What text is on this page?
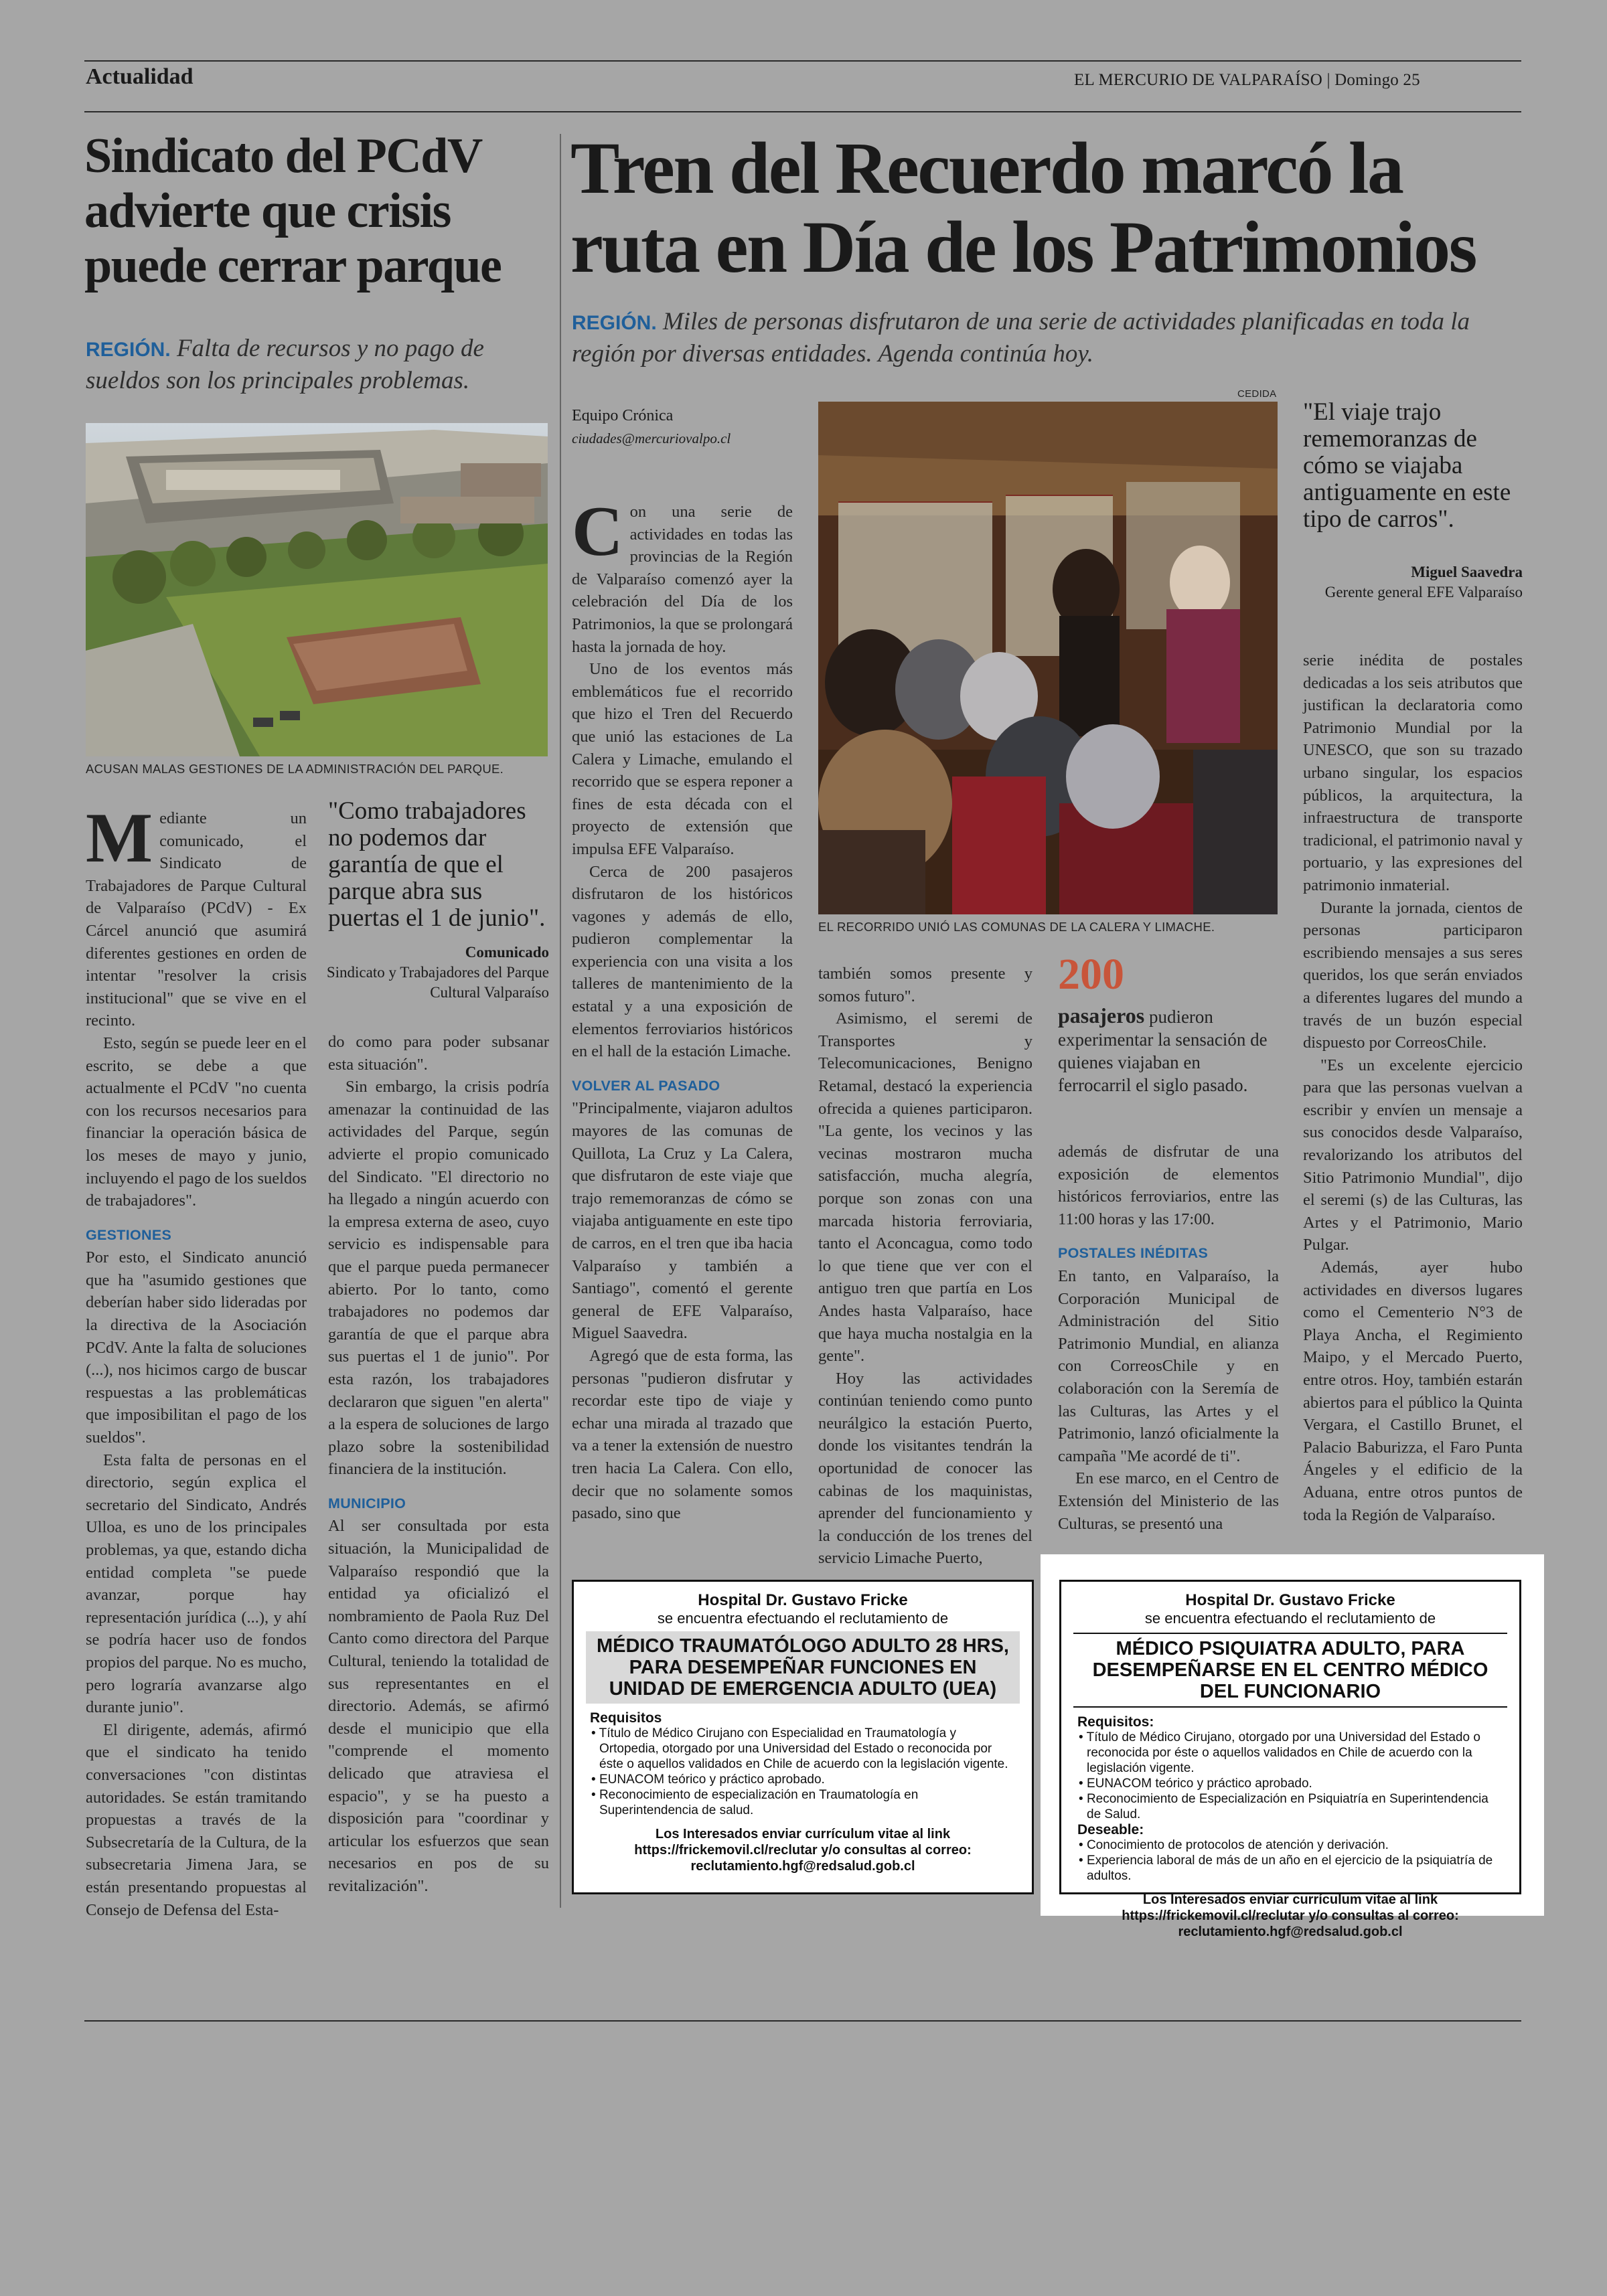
Actualidad	EL MERCURIO DE VALPARAÍSO | Domingo 25
Sindicato del PCdV advierte que crisis puede cerrar parque
REGIÓN. Falta de recursos y no pago de sueldos son los principales problemas.
ACUSAN MALAS GESTIONES DE LA ADMINISTRACIÓN DEL PARQUE.
M ediante un comunicado, el Sindicato de Trabajadores de Parque Cultural de Valparaíso (PCdV) - Ex Cárcel anunció que asumirá diferentes gestiones en orden de intentar "resolver la crisis institucional" que se vive en el recinto.

Esto, según se puede leer en el escrito, se debe a que actualmente el PCdV "no cuenta con los recursos necesarios para financiar la operación básica de los meses de mayo y junio, incluyendo el pago de los sueldos de trabajadores".

GESTIONES

Por esto, el Sindicato anunció que ha "asumido gestiones que deberían haber sido lideradas por la directiva de la Asociación PCdV. Ante la falta de soluciones (...), nos hicimos cargo de buscar respuestas a las problemáticas que imposibilitan el pago de los sueldos".

Esta falta de personas en el directorio, según explica el secretario del Sindicato, Andrés Ulloa, es uno de los principales problemas, ya que, estando dicha entidad completa "se puede avanzar, porque hay representación jurídica (...), y ahí se podría hacer uso de fondos propios del parque. No es mucho, pero lograría avanzarse algo durante junio".

El dirigente, además, afirmó que el sindicato ha tenido conversaciones "con distintas autoridades. Se están tramitando propuestas a través de la Subsecretaría de la Cultura, de la subsecretaria Jimena Jara, se están presentando propuestas al Consejo de Defensa del Esta-

"Como trabajadores no podemos dar garantía de que el parque abra sus puertas el 1 de junio".
Comunicado
Sindicato y Trabajadores del Parque Cultural Valparaíso

do como para poder subsanar esta situación".

Sin embargo, la crisis podría amenazar la continuidad de las actividades del Parque, según advierte el propio comunicado del Sindicato. "El directorio no ha llegado a ningún acuerdo con la empresa externa de aseo, cuyo servicio es indispensable para que el parque pueda permanecer abierto. Por lo tanto, como trabajadores no podemos dar garantía de que el parque abra sus puertas el 1 de junio". Por esta razón, los trabajadores declararon que siguen "en alerta" a la espera de soluciones de largo plazo sobre la sostenibilidad financiera de la institución.

MUNICIPIO

Al ser consultada por esta situación, la Municipalidad de Valparaíso respondió que la entidad ya oficializó el nombramiento de Paola Ruz Del Canto como directora del Parque Cultural, teniendo la totalidad de sus representantes en el directorio. Además, se afirmó desde el municipio que ella "comprende el momento delicado que atraviesa el espacio", y se ha puesto a disposición para "coordinar y articular los esfuerzos que sean necesarios en pos de su revitalización".

Tren del Recuerdo marcó la ruta en Día de los Patrimonios
REGIÓN. Miles de personas disfrutaron de una serie de actividades planificadas en toda la región por diversas entidades. Agenda continúa hoy.
Equipo Crónica
ciudades@mercuriovalpo.cl
CEDIDA
EL RECORRIDO UNIÓ LAS COMUNAS DE LA CALERA Y LIMACHE.
C on una serie de actividades en todas las provincias de la Región de Valparaíso comenzó ayer la celebración del Día de los Patrimonios, la que se prolongará hasta la jornada de hoy.

Uno de los eventos más emblemáticos fue el recorrido que hizo el Tren del Recuerdo que unió las estaciones de La Calera y Limache, emulando el recorrido que se espera reponer a fines de esta década con el proyecto de extensión que impulsa EFE Valparaíso.

Cerca de 200 pasajeros disfrutaron de los históricos vagones y además de ello, pudieron complementar la experiencia con una visita a los talleres de mantenimiento de la estatal y a una exposición de elementos ferroviarios históricos en el hall de la estación Limache.

VOLVER AL PASADO

"Principalmente, viajaron adultos mayores de las comunas de Quillota, La Cruz y La Calera, que disfrutaron de este viaje que trajo rememoranzas de cómo se viajaba antiguamente en este tipo de carros, en el tren que iba hacia Valparaíso y también a Santiago", comentó el gerente general de EFE Valparaíso, Miguel Saavedra.

Agregó que de esta forma, las personas "pudieron disfrutar y recordar este tipo de viaje y echar una mirada al trazado que va a tener la extensión de nuestro tren hacia La Calera. Con ello, decir que no solamente somos pasado, sino que

también somos presente y somos futuro".

Asimismo, el seremi de Transportes y Telecomunicaciones, Benigno Retamal, destacó la experiencia ofrecida a quienes participaron. "La gente, los vecinos y las vecinas mostraron mucha satisfacción, mucha alegría, porque son zonas con una marcada historia ferroviaria, tanto el Aconcagua, como todo lo que tiene que ver con el antiguo tren que partía en Los Andes hasta Valparaíso, hace que haya mucha nostalgia en la gente".

Hoy las actividades continúan teniendo como punto neurálgico la estación Puerto, donde los visitantes tendrán la oportunidad de conocer las cabinas de los maquinistas, aprender del funcionamiento y la conducción de los trenes del servicio Limache Puerto,

200
pasajeros pudieron experimentar la sensación de quienes viajaban en ferrocarril el siglo pasado.

además de disfrutar de una exposición de elementos históricos ferroviarios, entre las 11:00 horas y las 17:00.

POSTALES INÉDITAS

En tanto, en Valparaíso, la Corporación Municipal de Administración del Sitio Patrimonio Mundial, en alianza con CorreosChile y en colaboración con la Seremía de las Culturas, las Artes y el Patrimonio, lanzó oficialmente la campaña "Me acordé de ti".

En ese marco, en el Centro de Extensión del Ministerio de las Culturas, se presentó una

"El viaje trajo rememoranzas de cómo se viajaba antiguamente en este tipo de carros".
Miguel Saavedra
Gerente general EFE Valparaíso

serie inédita de postales dedicadas a los seis atributos que justifican la declaratoria como Patrimonio Mundial por la UNESCO, que son su trazado urbano singular, los espacios públicos, la arquitectura, la infraestructura de transporte tradicional, el patrimonio naval y portuario, y las expresiones del patrimonio inmaterial.

Durante la jornada, cientos de personas participaron escribiendo mensajes a sus seres queridos, los que serán enviados a diferentes lugares del mundo a través de un buzón especial dispuesto por CorreosChile.

"Es un excelente ejercicio para que las personas vuelvan a escribir y envíen un mensaje a sus conocidos desde Valparaíso, revalorizando los atributos del Sitio Patrimonio Mundial", dijo el seremi (s) de las Culturas, las Artes y el Patrimonio, Mario Pulgar.

Además, ayer hubo actividades en diversos lugares como el Cementerio N°3 de Playa Ancha, el Regimiento Maipo, y el Mercado Puerto, entre otros. Hoy, también estarán abiertos para el público la Quinta Vergara, el Castillo Brunet, el Palacio Baburizza, el Faro Punta Ángeles y el edificio de la Aduana, entre otros puntos de toda la Región de Valparaíso.

Hospital Dr. Gustavo Fricke
se encuentra efectuando el reclutamiento de
MÉDICO TRAUMATÓLOGO ADULTO 28 HRS, PARA DESEMPEÑAR FUNCIONES EN UNIDAD DE EMERGENCIA ADULTO (UEA)
Requisitos
• Título de Médico Cirujano con Especialidad en Traumatología y Ortopedia, otorgado por una Universidad del Estado o reconocida por éste o aquellos validados en Chile de acuerdo con la legislación vigente.
• EUNACOM teórico y práctico aprobado.
• Reconocimiento de especialización en Traumatología en Superintendencia de salud.
Los Interesados enviar currículum vitae al link https://frickemovil.cl/reclutar y/o consultas al correo: reclutamiento.hgf@redsalud.gob.cl
Hospital Dr. Gustavo Fricke
se encuentra efectuando el reclutamiento de
MÉDICO PSIQUIATRA ADULTO, PARA DESEMPEÑARSE EN EL CENTRO MÉDICO DEL FUNCIONARIO
Requisitos:
• Título de Médico Cirujano, otorgado por una Universidad del Estado o reconocida por éste o aquellos validados en Chile de acuerdo con la legislación vigente.
• EUNACOM teórico y práctico aprobado.
• Reconocimiento de Especialización en Psiquiatría en Superintendencia de Salud.
Deseable:
• Conocimiento de protocolos de atención y derivación.
• Experiencia laboral de más de un año en el ejercicio de la psiquiatría de adultos.
Los Interesados enviar currículum vitae al link https://frickemovil.cl/reclutar y/o consultas al correo: reclutamiento.hgf@redsalud.gob.cl
